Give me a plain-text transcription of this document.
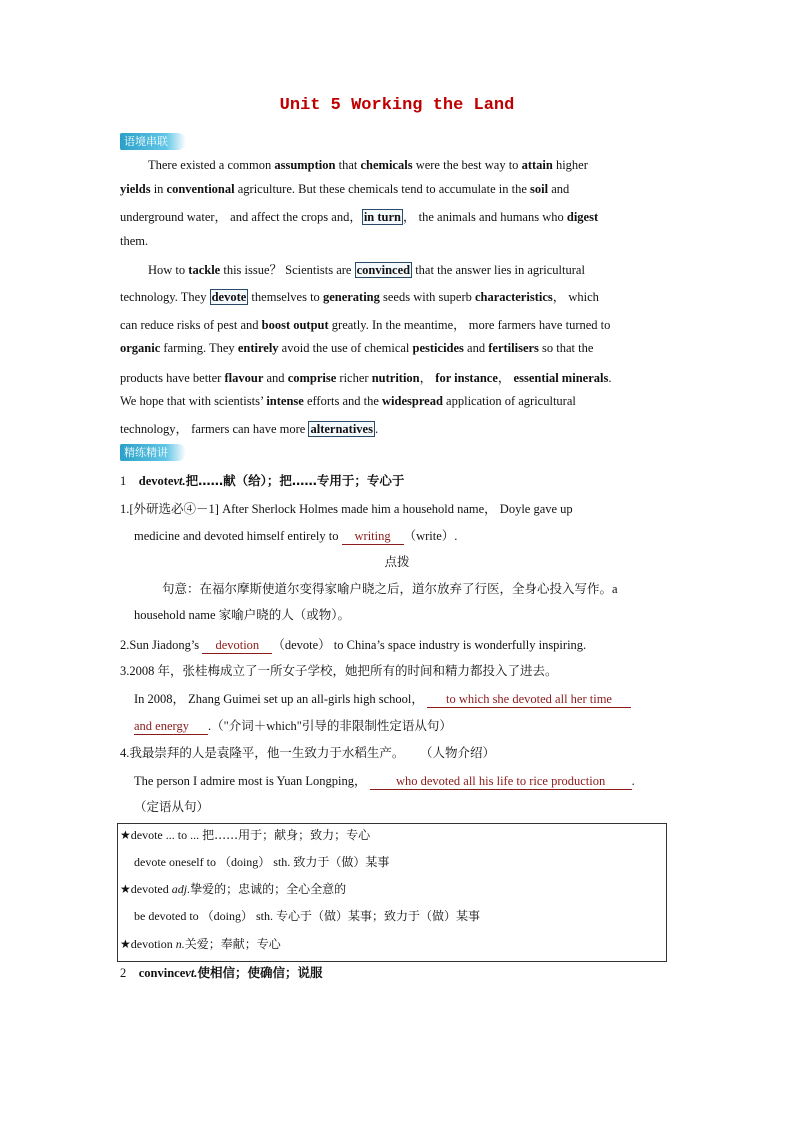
Unit 5 Working the Land
语境串联
There existed a common assumption that chemicals were the best way to attain higher
yields in conventional agriculture. But these chemicals tend to accumulate in the soil and
underground water， and affect the crops and， in turn ， the animals and humans who digest
them.
How to tackle this issue？ Scientists are convinced that the answer lies in agricultural
technology. They devote themselves to generating seeds with superb characteristics， which
can reduce risks of pest and boost output greatly. In the meantime， more farmers have turned to
organic farming. They entirely avoid the use of chemical pesticides and fertilisers so that the
products have better flavour and comprise richer nutrition， for instance， essential minerals.
We hope that with scientists’ intense efforts and the widespread application of agricultural
technology， farmers can have more alternatives .
精练精讲
1 devotevt.把……献（给）；把……专用于；专心于
1.[外研选必④－1] After Sherlock Holmes made him a household name， Doyle gave up
medicine and devoted himself entirely to writing （write）.
点拨
句意：在福尔摩斯使道尔变得家喻户晓之后，道尔放弃了行医，全身心投入写作。a
household name 家喻户晓的人（或物）。
2.Sun Jiadong’s devotion （devote） to China’s space industry is wonderfully inspiring.
3.2008 年，张桂梅成立了一所女子学校，她把所有的时间和精力都投入了进去。
In 2008， Zhang Guimei set up an all-girls high school， to which she devoted all her time
and energy .（"介词＋which"引导的非限制性定语从句）
4.我最崇拜的人是袁隆平，他一生致力于水稻生产。 （人物介绍）
The person I admire most is Yuan Longping， who devoted all his life to rice production .
（定语从句）
★devote ... to ... 把……用于；献身；致力；专心
devote oneself to （doing） sth. 致力于（做）某事
★devoted adj.挚爱的；忠诚的；全心全意的
be devoted to （doing） sth. 专心于（做）某事；致力于（做）某事
★devotion n.关爱；奉献；专心
2 convincevt.使相信；使确信；说服
